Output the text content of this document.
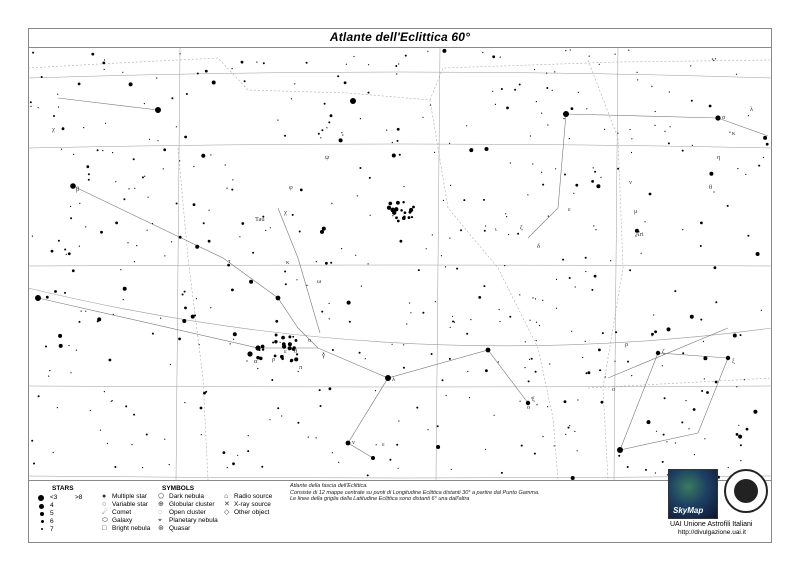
Atlante dell'Eclittica 60°
λ
κ
σ
η
θ
ν
μ
ε
δ
ζ
ι
ω
φ
χ
ψ
β
τ	κ
υ
ρ
γ
ε θ
π
α
ξ
ο
ε
ν
λ
ξ
ζ
ο
χ
ρ
Tau
Ari
STARS
<3	>8
4
5
6
7
SYMBOLS
● Multiple star
○ Variable star
☄ Comet
⬭ Galaxy
□ Bright nebula
⬠ Dark nebula
⊕ Globular cluster
◌ Open cluster
⌖ Planetary nebula
⊛ Quasar
⌂ Radio source
✕ X-ray source
◇ Other object
Atlante della fascia dell'Eclittica.
Consiste di 12 mappe centrate su punti di Longitudine Eclittica distanti 30° a partire dal Punto Gamma.
Le linee della griglia della Latitudine Eclittica sono distanti 6° una dall'altra
SkyMap
UAI Unione Astrofili Italiani
http://divulgazione.uai.it
